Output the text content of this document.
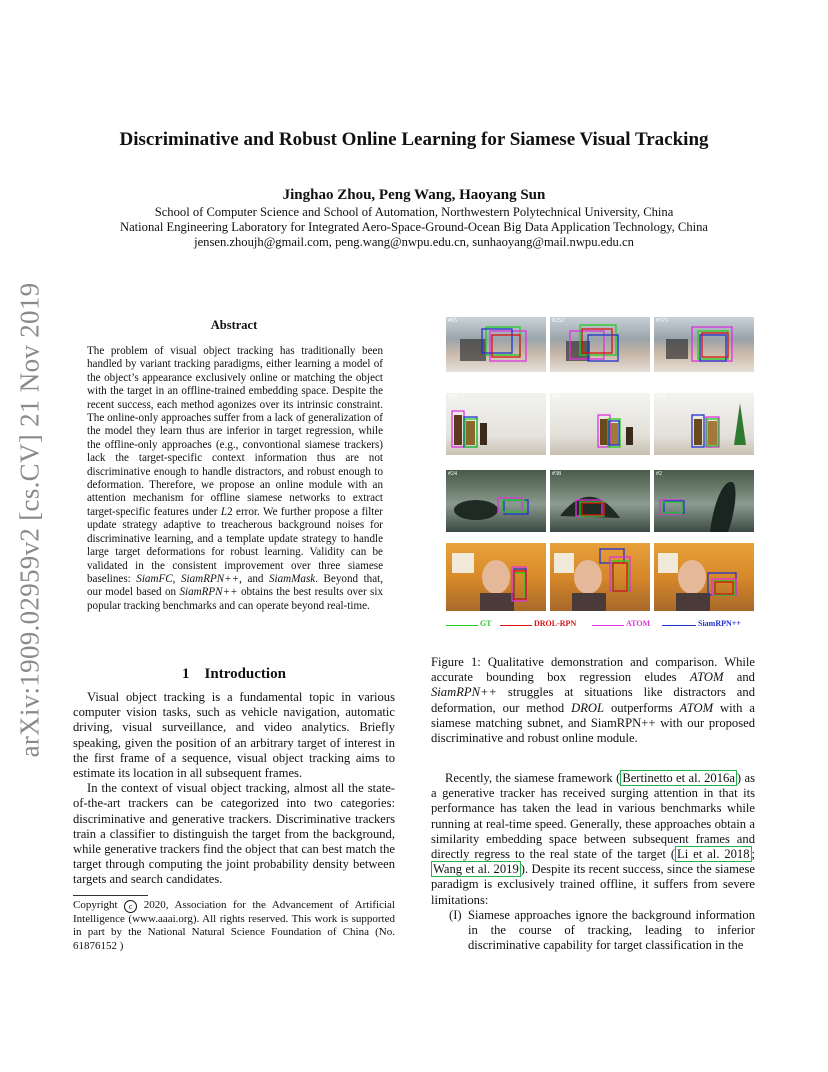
Discriminative and Robust Online Learning for Siamese Visual Tracking
Jinghao Zhou, Peng Wang, Haoyang Sun
School of Computer Science and School of Automation, Northwestern Polytechnical University, China
National Engineering Laboratory for Integrated Aero-Space-Ground-Ocean Big Data Application Technology, China
jensen.zhoujh@gmail.com, peng.wang@nwpu.edu.cn, sunhaoyang@mail.nwpu.edu.cn
arXiv:1909.02959v2 [cs.CV] 21 Nov 2019	Abstract
The problem of visual object tracking has traditionally been handled by variant tracking paradigms, either learning a model of the object’s appearance exclusively online or matching the object with the target in an offline-trained embedding space. Despite the recent success, each method agonizes over its intrinsic constraint. The online-only approaches suffer from a lack of generalization of the model they learn thus are inferior in target regression, while the offline-only approaches (e.g., convontional siamese trackers) lack the target-specific context information thus are not discriminative enough to handle distractors, and robust enough to deformation. Therefore, we propose an online module with an attention mechanism for offline siamese networks to extract target-specific features under L2 error. We further propose a filter update strategy adaptive to treacherous background noises for discriminative learning, and a template update strategy to handle large target deformations for robust learning. Validity can be validated in the consistent improvement over three siamese baselines: SiamFC, SiamRPN++, and SiamMask. Beyond that, our model based on SiamRPN++ obtains the best results over six popular tracking benchmarks and can operate beyond real-time.
1 Introduction

Visual object tracking is a fundamental topic in various computer vision tasks, such as vehicle navigation, automatic driving, visual surveillance, and video analytics. Briefly speaking, given the position of an arbitrary target of interest in the first frame of a sequence, visual object tracking aims to estimate its location in all subsequent frames.

In the context of visual object tracking, almost all the state-of-the-art trackers can be categorized into two categories: discriminative and generative trackers. Discriminative trackers train a classifier to distinguish the target from the background, while generative trackers find the object that can best match the target through computing the joint probability density between targets and search candidates.

Copyright c 2020, Association for the Advancement of Artificial Intelligence (www.aaai.org). All rights reserved. This work is supported in part by the National Natural Science Foundation of China (No. 61876152 )
#65	#252	#575
#33	#52	#98
#24	#38	#2
GT	DROL-RPN	ATOM	SiamRPN++
Figure 1: Qualitative demonstration and comparison. While accurate bounding box regression eludes ATOM and SiamRPN++ struggles at situations like distractors and deformation, our method DROL outperforms ATOM with a siamese matching subnet, and SiamRPN++ with our proposed discriminative and robust online module.

Recently, the siamese framework ( Bertinetto et al. 2016a ) as a generative tracker has received surging attention in that its performance has taken the lead in various benchmarks while running at real-time speed. Generally, these approaches obtain a similarity embedding space between subsequent frames and directly regress to the real state of the target ( Li et al. 2018 ; Wang et al. 2019 ). Despite its recent success, since the siamese paradigm is exclusively trained offline, it suffers from severe limitations:

(I) Siamese approaches ignore the background information in the course of tracking, leading to inferior discriminative capability for target classification in the
